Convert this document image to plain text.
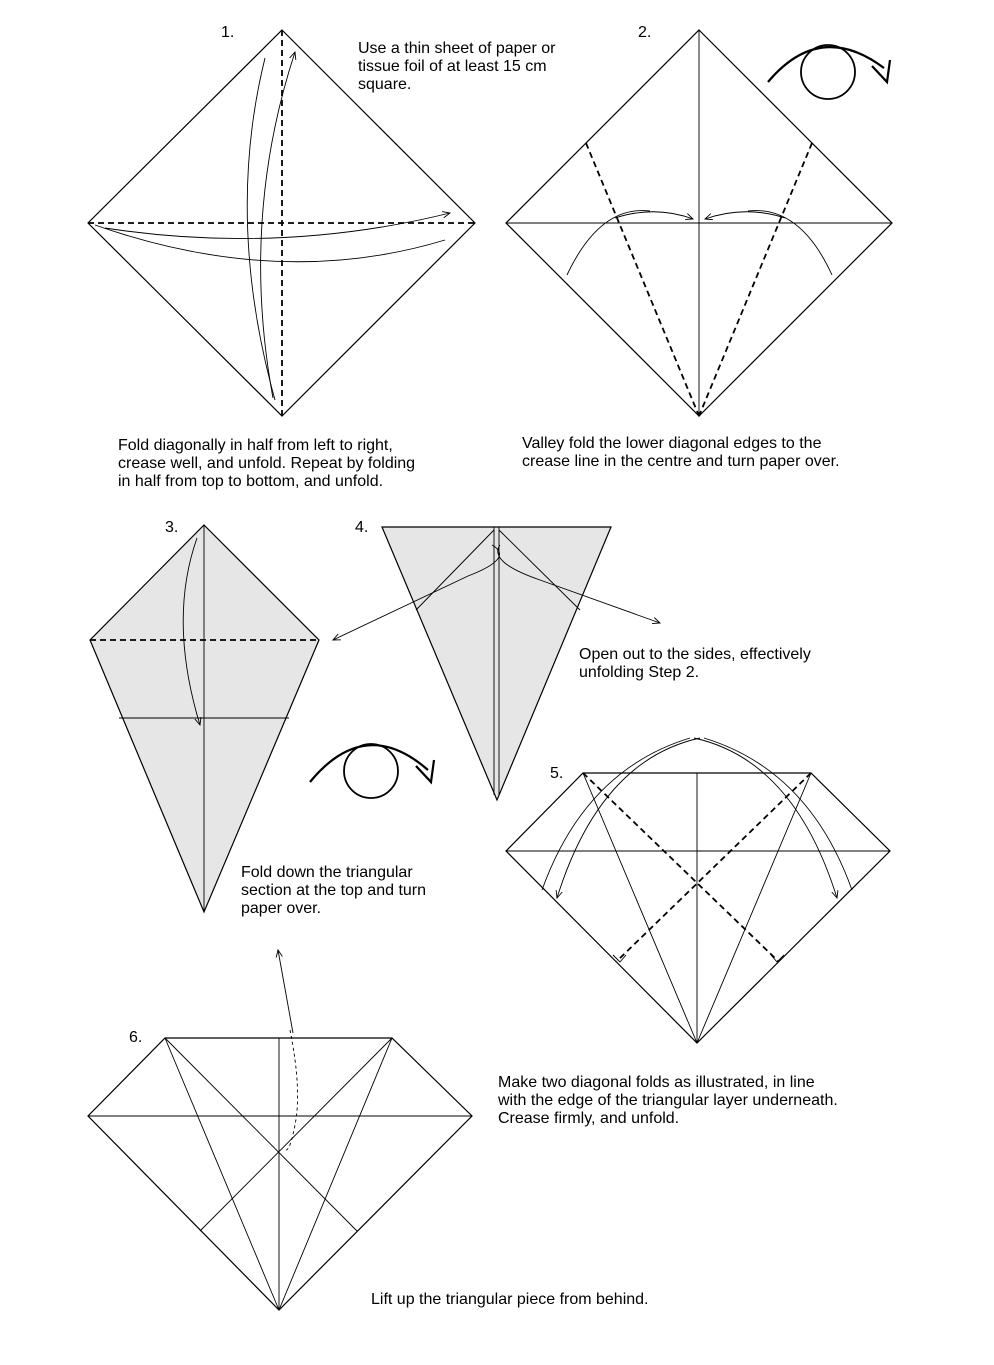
1.	2.
3.	4.
5.
6.
Use a thin sheet of paper or
tissue foil of at least 15 cm
square.
Fold diagonally in half from left to right,
crease well, and unfold. Repeat by folding
in half from top to bottom, and unfold.
Valley fold the lower diagonal edges to the
crease line in the centre and turn paper over.
Open out to the sides, effectively
unfolding Step 2.
Fold down the triangular
section at the top and turn
paper over.
Make two diagonal folds as illustrated, in line
with the edge of the triangular layer underneath.
Crease firmly, and unfold.
Lift up the triangular piece from behind.
